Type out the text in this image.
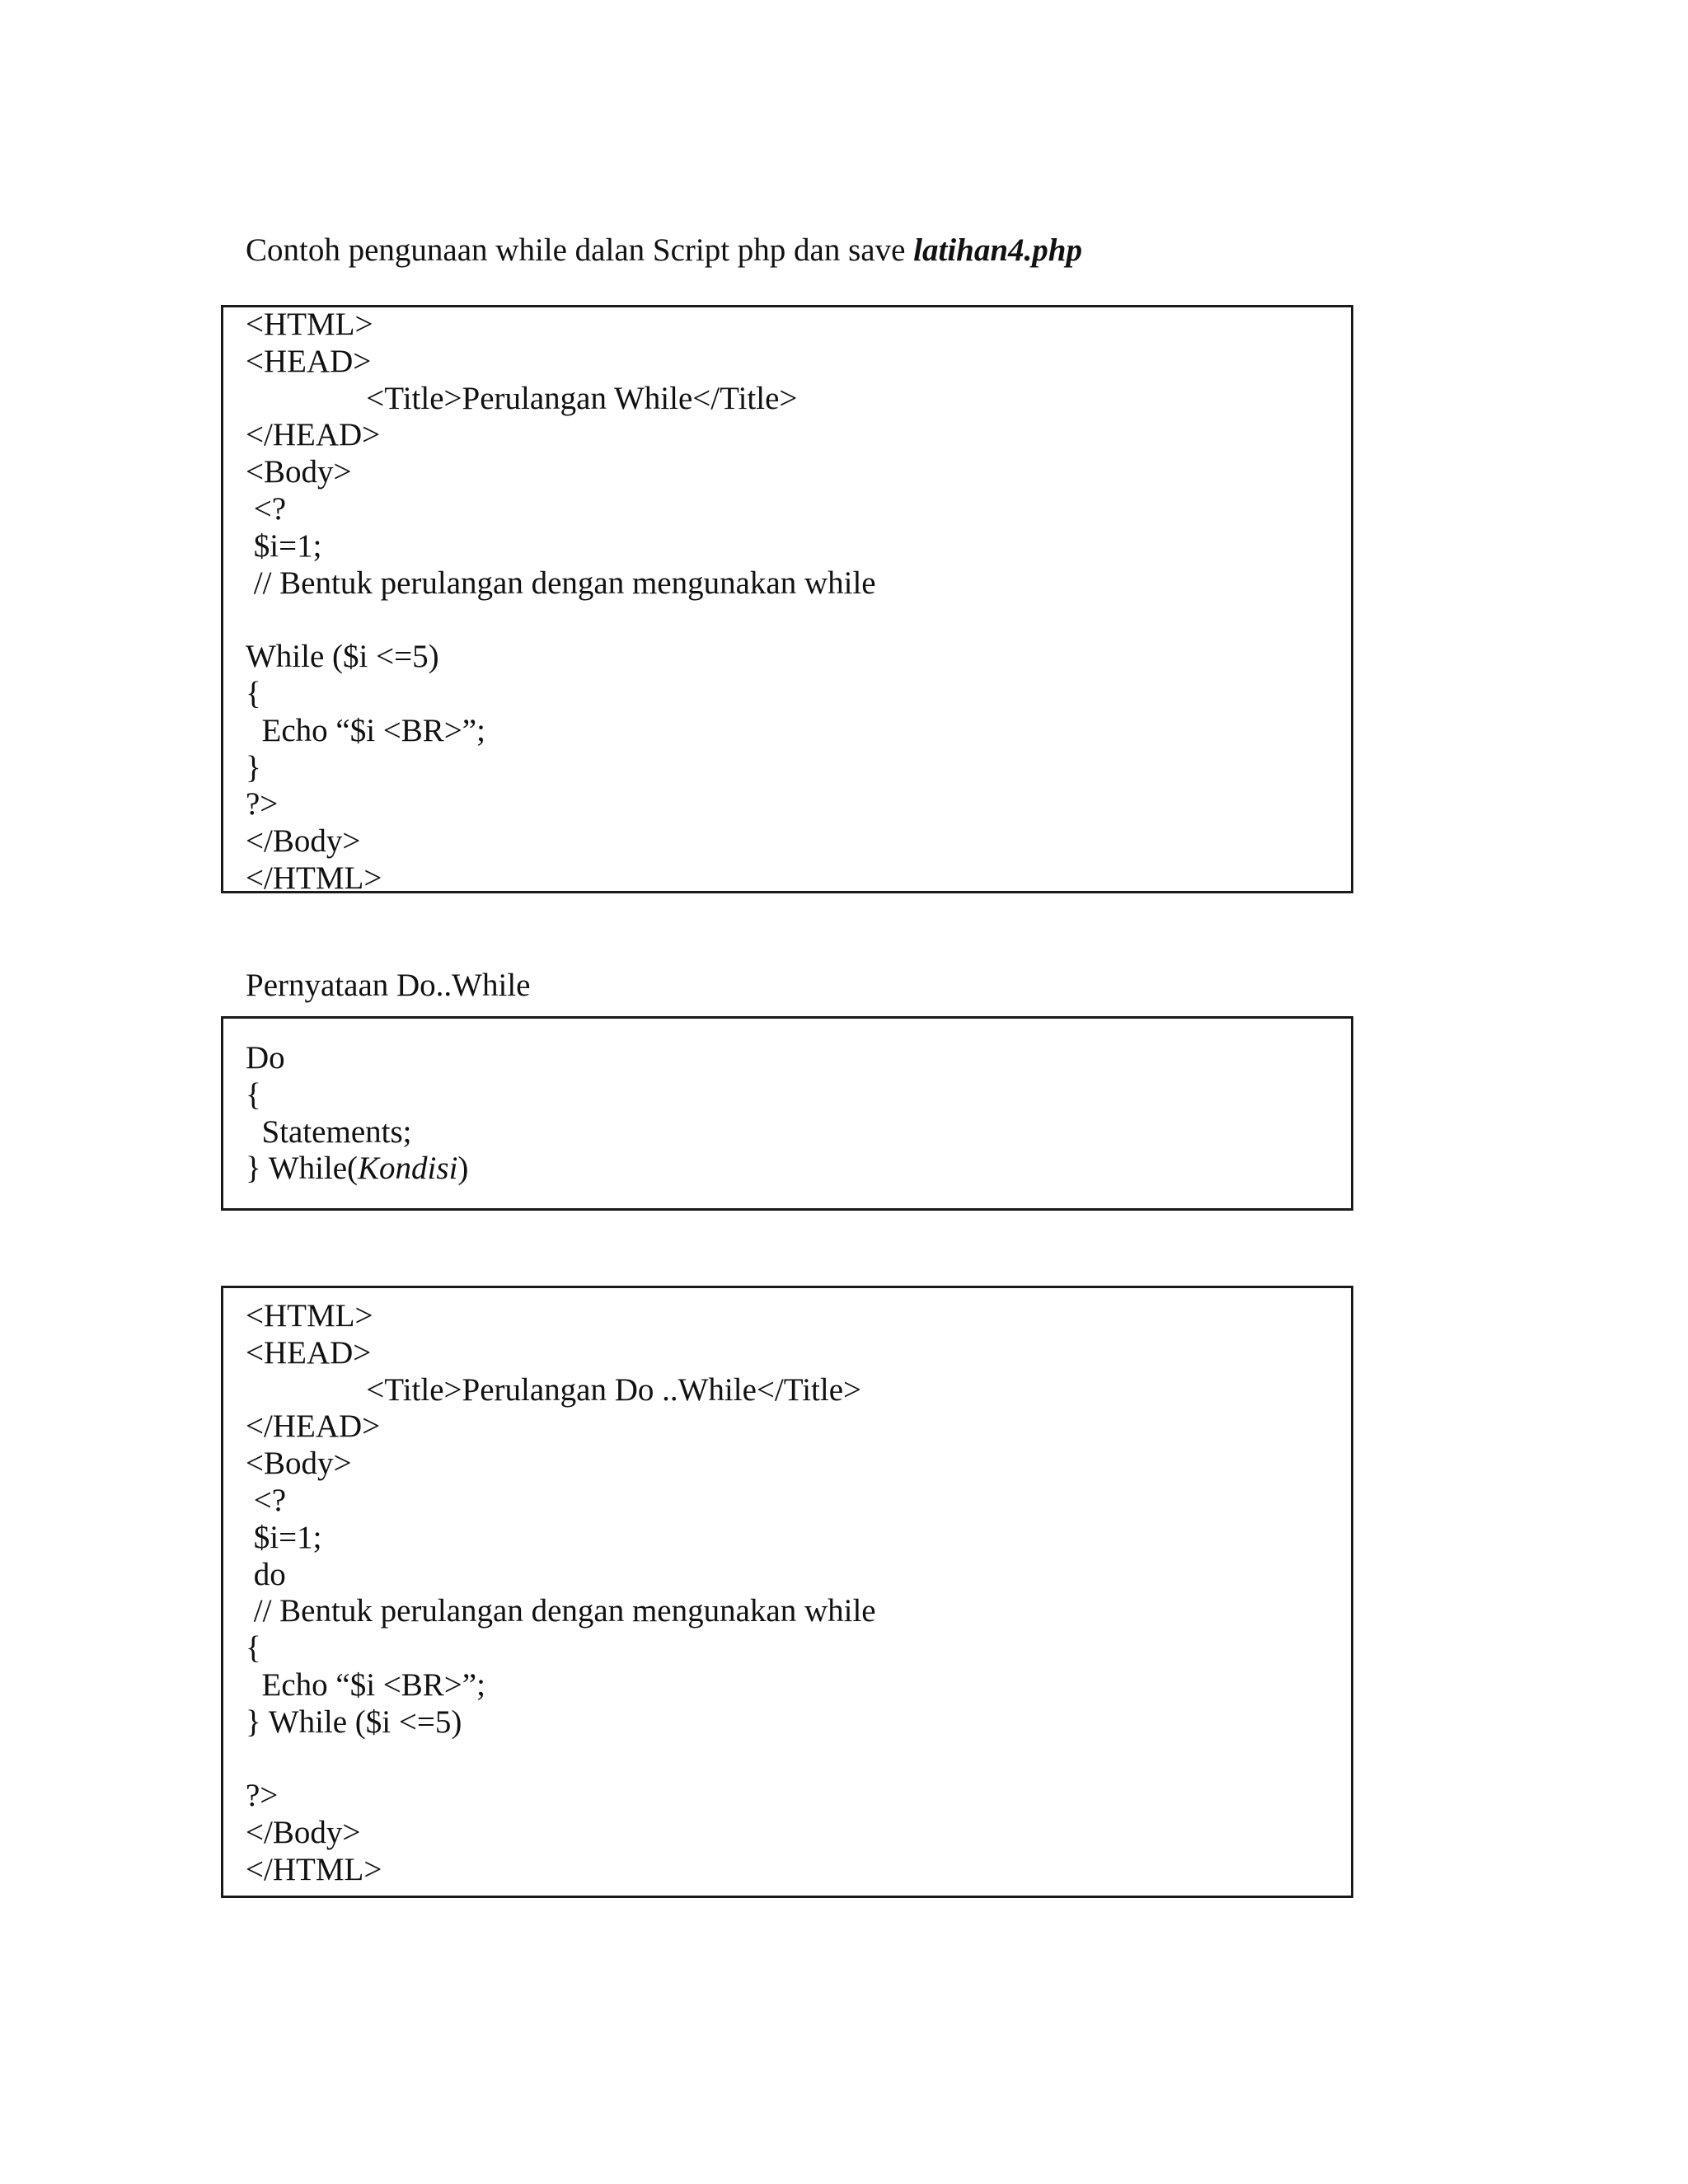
Contoh pengunaan while dalan Script php dan save latihan4.php

<HTML>
<HEAD>
<Title>Perulangan While</Title>
</HEAD>
<Body>
<?
$i=1;
// Bentuk perulangan dengan mengunakan while
While ($i <=5)
{
Echo “$i <BR>”;
}
?>
</Body>
</HTML>

Pernyataan Do..While

Do
{
Statements;
} While(Kondisi)
<HTML>
<HEAD>
<Title>Perulangan Do ..While</Title>
</HEAD>
<Body>
<?
$i=1;
do
// Bentuk perulangan dengan mengunakan while
{
Echo “$i <BR>”;
} While ($i <=5)
?>
</Body>
</HTML>
